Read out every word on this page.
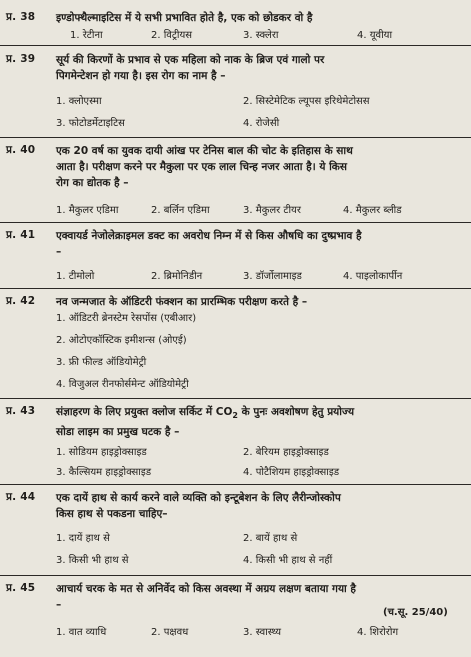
प्र. 38 इण्डोफ्थैल्माइटिस में ये सभी प्रभावित होते है, एक को छोडकर वो है
1. रेटीना	2. विट्रीयस	3. स्क्लेरा	4. यूवीया
प्र. 39 सूर्य की किरणों के प्रभाव से एक महिला को नाक के ब्रिज एवं गालो पर
पिगमेन्टेशन हो गया है। इस रोग का नाम है –
1. क्लोएस्मा	2. सिस्टेमेटिक ल्यूपस इरिथेमेटोसस
3. फोटोडर्मेटाइटिस	4. रोजेसी
प्र. 40 एक 20 वर्ष का युवक दायी आंख पर टेनिस बाल की चोट के इतिहास के साथ
आता है। परीक्षण करने पर मैकुला पर एक लाल चिन्ह नजर आता है। ये किस
रोग का द्योतक है –
1. मैकुलर एडिमा	2. बर्लिन एडिमा	3. मैकुलर टीयर	4. मैकुलर ब्लीड
प्र. 41 एक्वायर्ड नेजोलेक्राइमल डक्ट का अवरोध निम्न में से किस औषधि का दुष्प्रभाव है
–
1. टीमोलो	2. ब्रिमोनिडीन	3. डॉर्जोलामाइड	4. पाइलोकार्पीन
प्र. 42 नव जन्मजात के ऑडिटरी फंक्शन का प्रारम्भिक परीक्षण करते है –
1. ऑडिटरी ब्रेनस्टेम रेसपोंस (एबीआर)
2. ओटोएकॉस्टिक इमीशन्स (ओएई)
3. फ्री फील्ड ऑडियोमेट्री
4. विजुअल रीनफोर्समेन्ट ऑडियोमेट्री
प्र. 43 संज्ञाहरण के लिए प्रयुक्त क्लोज सर्किट में $CO_2$ के पुनः अवशोषण हेतु प्रयोज्य
सोडा लाइम का प्रमुख घटक है –
1. सोडियम हाइड्रोक्साइड	2. बेरियम हाइड्रोक्साइड
3. कैल्सियम हाइड्रोक्साइड	4. पोटैशियम हाइड्रोक्साइड
प्र. 44 एक दायें हाथ से कार्य करने वाले व्यक्ति को इन्टूबेशन के लिए लैरीन्जोस्कोप
किस हाथ से पकडना चाहिए–
1. दायें हाथ से	2. बायें हाथ से
3. किसी भी हाथ से	4. किसी भी हाथ से नहीं
प्र. 45 आचार्य चरक के मत से अनिर्वेद को किस अवस्था में अग्रय लक्षण बताया गया है
–
(च.सू. 25/40)
1. वात व्याधि	2. पक्षवध	3. स्वास्थ्य	4. शिरोरोग
